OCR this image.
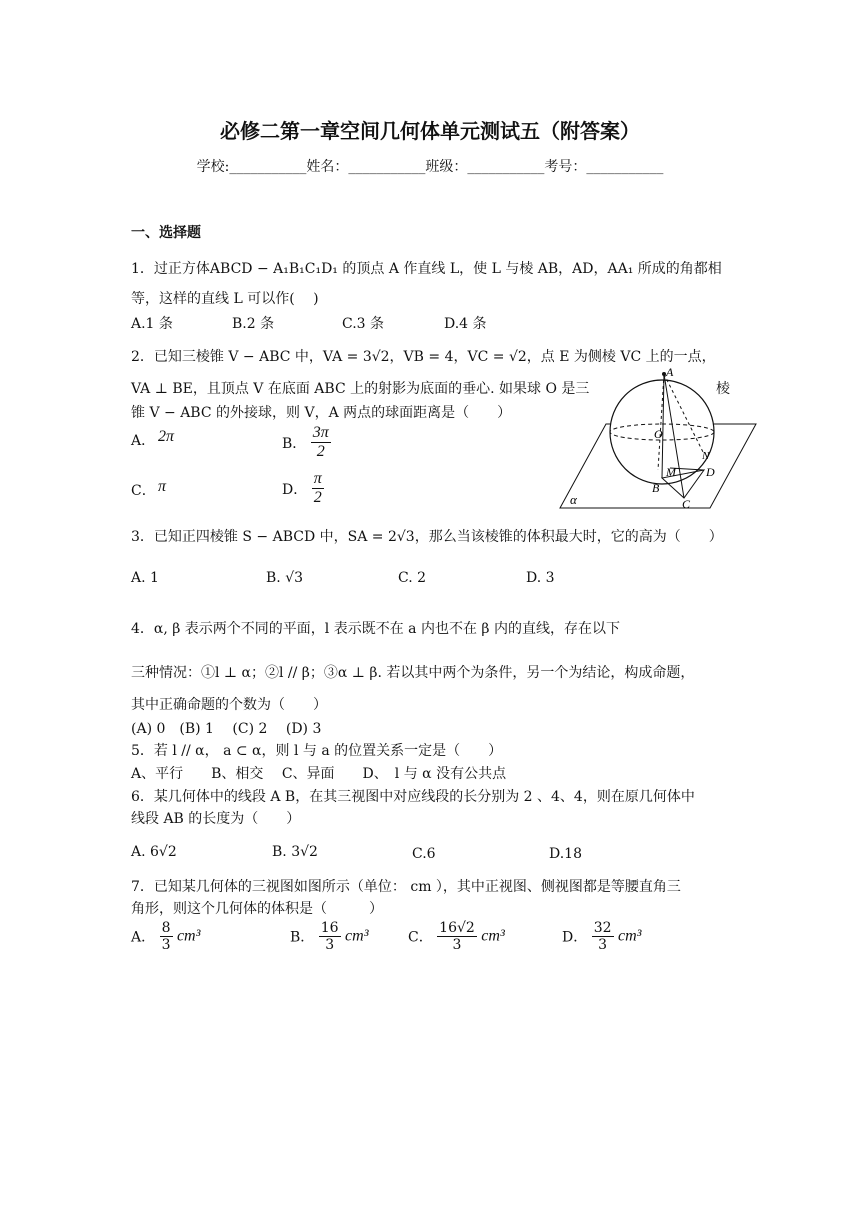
必修二第一章空间几何体单元测试五（附答案）
学校:___________姓名：___________班级：___________考号：___________
一、选择题
1．过正方体ABCD − A₁B₁C₁D₁ 的顶点 A 作直线 L，使 L 与棱 AB，AD，AA₁ 所成的角都相
等，这样的直线 L 可以作(　 )
A.1 条	B.2 条	C.3 条	D.4 条
2．已知三棱锥 V − ABC 中，VA = 3√2，VB = 4，VC = √2，点 E 为侧棱 VC 上的一点，
VA ⊥ BE，且顶点 V 在底面 ABC 上的射影为底面的垂心. 如果球 O 是三	棱
锥 V − ABC 的外接球，则 V，A 两点的球面距离是（　　）
A． 2π	B． $\frac{3\pi}{2}$
C． π	D． $\frac{\pi}{2}$
A
O
N
D
M
B
C
α
3．已知正四棱锥 S − ABCD 中，SA = 2√3，那么当该棱锥的体积最大时，它的高为（　　）
A. 1	B. √3	C. 2	D. 3
4．α, β 表示两个不同的平面，l 表示既不在 a 内也不在 β 内的直线，存在以下
三种情况：①l ⊥ α；②l // β；③α ⊥ β. 若以其中两个为条件，另一个为结论，构成命题，
其中正确命题的个数为（　　）
(A) 0　(B) 1　 (C) 2　 (D) 3
5．若 l // α， a ⊂ α，则 l 与 a 的位置关系一定是（　　）
A、平行　　B、相交　 C、异面　　D、　l 与 α 没有公共点
6．某几何体中的线段 A B，在其三视图中对应线段的长分别为 2 、4、4，则在原几何体中
线段 AB 的长度为（　　）
A. 6√2	B. 3√2	C.6	D.18
7．已知某几何体的三视图如图所示（单位： cm ），其中正视图、侧视图都是等腰直角三
角形，则这个几何体的体积是（　　　）
A． $\frac{8}{3} cm^3$	B． $\frac{16}{3} cm^3$	C． $\frac{16√2}{3} cm^3$	D． $\frac{32}{3} cm^3$
